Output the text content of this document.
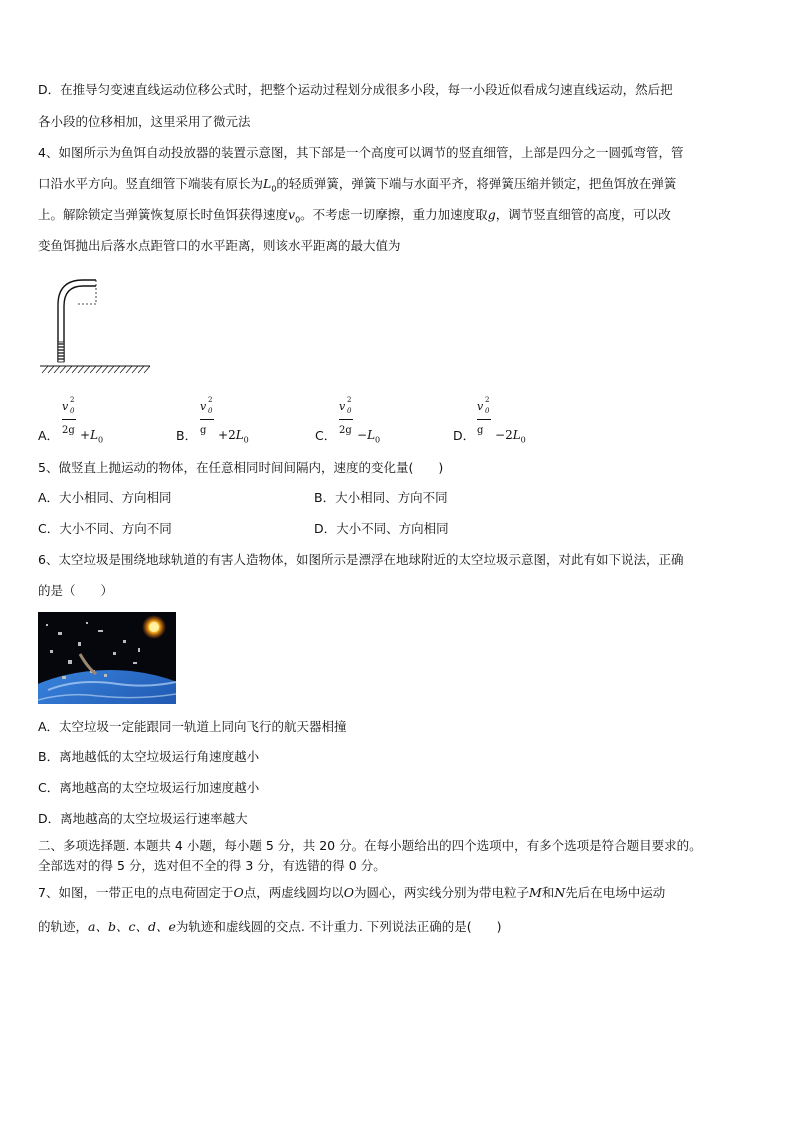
D．在推导匀变速直线运动位移公式时，把整个运动过程划分成很多小段，每一小段近似看成匀速直线运动，然后把
各小段的位移相加，这里采用了微元法
4、如图所示为鱼饵自动投放器的装置示意图，其下部是一个高度可以调节的竖直细管，上部是四分之一圆弧弯管，管
口沿水平方向。竖直细管下端装有原长为$L_0$的轻质弹簧，弹簧下端与水面平齐，将弹簧压缩并锁定，把鱼饵放在弹簧
上。解除锁定当弹簧恢复原长时鱼饵获得速度$v_0$。不考虑一切摩擦，重力加速度取g，调节竖直细管的高度，可以改
变鱼饵抛出后落水点距管口的水平距离，则该水平距离的最大值为
A．
v 2
0
$2g +L_0$	B．
v 2
0
$g +2L_0$	C．
v 2
0
$2g -L_0$	D．
v 2
0
$g -2L_0$
5、做竖直上抛运动的物体，在任意相同时间间隔内，速度的变化量(　　)
A．大小相同、方向相同	B．大小相同、方向不同
C．大小不同、方向不同	D．大小不同、方向相同
6、太空垃圾是围绕地球轨道的有害人造物体，如图所示是漂浮在地球附近的太空垃圾示意图，对此有如下说法，正确
的是（　　）
A．太空垃圾一定能跟同一轨道上同向飞行的航天器相撞
B．离地越低的太空垃圾运行角速度越小
C．离地越高的太空垃圾运行加速度越小
D．离地越高的太空垃圾运行速率越大
二、多项选择题. 本题共 4 小题，每小题 5 分，共 20 分。在每小题给出的四个选项中，有多个选项是符合题目要求的。
全部选对的得 5 分，选对但不全的得 3 分，有选错的得 0 分。
7、如图，一带正电的点电荷固定于O点，两虚线圆均以O为圆心，两实线分别为带电粒子M和N先后在电场中运动
的轨迹，a、b、c、d、e为轨迹和虚线圆的交点. 不计重力. 下列说法正确的是(　　)
